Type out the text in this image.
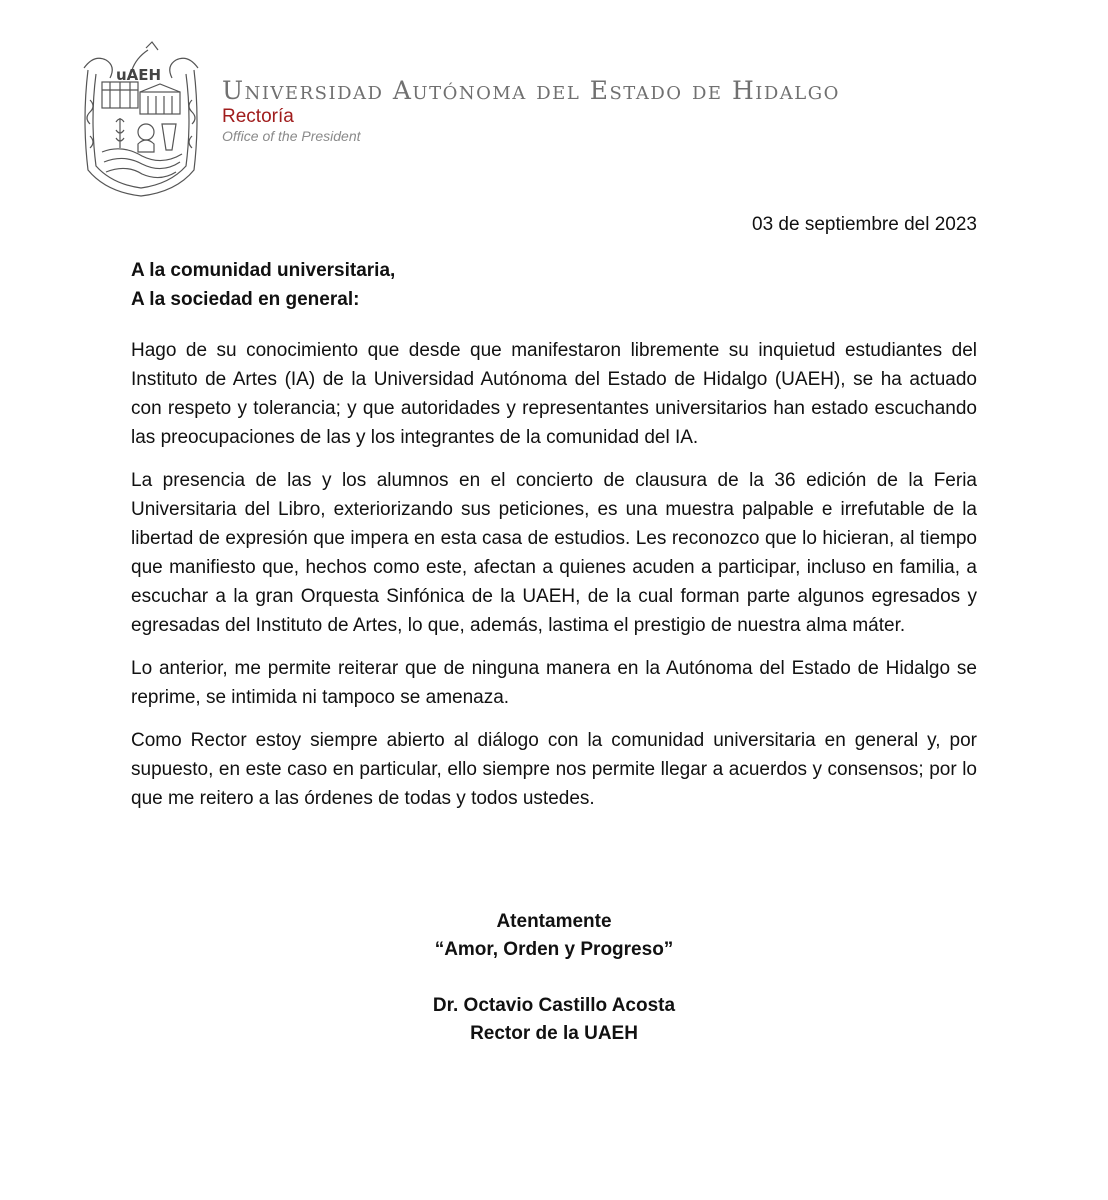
uAEH
Universidad Autónoma del Estado de Hidalgo
Rectoría
Office of the President
03 de septiembre del 2023
A la comunidad universitaria,
A la sociedad en general:

Hago de su conocimiento que desde que manifestaron libremente su inquietud estudiantes del Instituto de Artes (IA) de la Universidad Autónoma del Estado de Hidalgo (UAEH), se ha actuado con respeto y tolerancia; y que autoridades y representantes universitarios han estado escuchando las preocupaciones de las y los integrantes de la comunidad del IA.

La presencia de las y los alumnos en el concierto de clausura de la 36 edición de la Feria Universitaria del Libro, exteriorizando sus peticiones, es una muestra palpable e irrefutable de la libertad de expresión que impera en esta casa de estudios. Les reconozco que lo hicieran, al tiempo que manifiesto que, hechos como este, afectan a quienes acuden a participar, incluso en familia, a escuchar a la gran Orquesta Sinfónica de la UAEH, de la cual forman parte algunos egresados y egresadas del Instituto de Artes, lo que, además, lastima el prestigio de nuestra alma máter.

Lo anterior, me permite reiterar que de ninguna manera en la Autónoma del Estado de Hidalgo se reprime, se intimida ni tampoco se amenaza.

Como Rector estoy siempre abierto al diálogo con la comunidad universitaria en general y, por supuesto, en este caso en particular, ello siempre nos permite llegar a acuerdos y consensos; por lo que me reitero a las órdenes de todas y todos ustedes.

Atentamente
“Amor, Orden y Progreso”
Dr. Octavio Castillo Acosta
Rector de la UAEH
